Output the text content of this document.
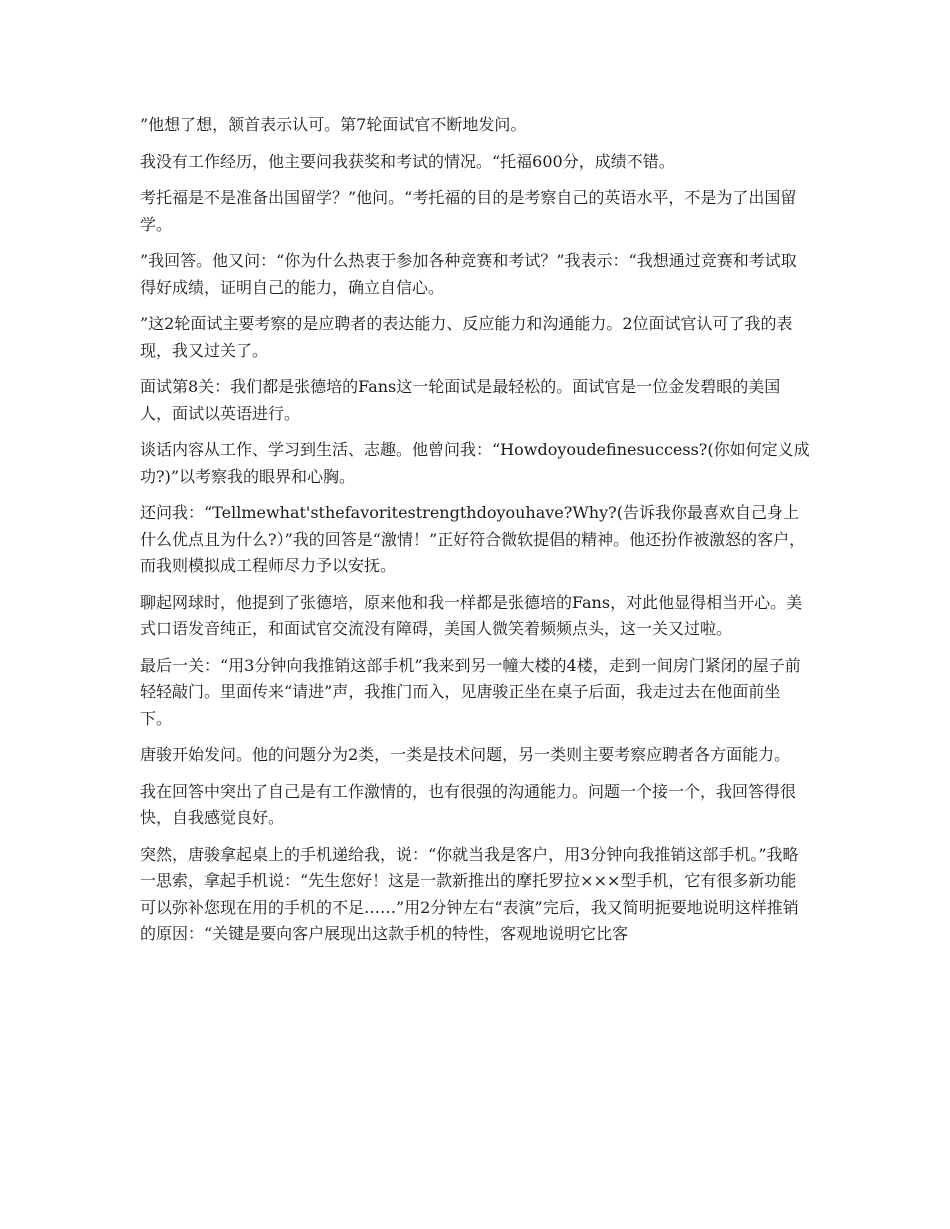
”他想了想，颔首表示认可。第7轮面试官不断地发问。

我没有工作经历，他主要问我获奖和考试的情况。“托福600分，成绩不错。

考托福是不是准备出国留学？”他问。“考托福的目的是考察自己的英语水平，不是为了出国留学。

”我回答。他又问：“你为什么热衷于参加各种竞赛和考试？”我表示：“我想通过竞赛和考试取得好成绩，证明自己的能力，确立自信心。

”这2轮面试主要考察的是应聘者的表达能力、反应能力和沟通能力。2位面试官认可了我的表现，我又过关了。

面试第8关：我们都是张德培的Fans这一轮面试是最轻松的。面试官是一位金发碧眼的美国人，面试以英语进行。

谈话内容从工作、学习到生活、志趣。他曾问我：“Howdoyoudefinesuccess?(你如何定义成功?)”以考察我的眼界和心胸。

还问我：“Tellmewhat'sthefavoritestrengthdoyouhave?Why?(告诉我你最喜欢自己身上什么优点且为什么?）”我的回答是“激情！”正好符合微软提倡的精神。他还扮作被激怒的客户，而我则模拟成工程师尽力予以安抚。

聊起网球时，他提到了张德培，原来他和我一样都是张德培的Fans，对此他显得相当开心。美式口语发音纯正，和面试官交流没有障碍，美国人微笑着频频点头，这一关又过啦。

最后一关：“用3分钟向我推销这部手机”我来到另一幢大楼的4楼，走到一间房门紧闭的屋子前轻轻敲门。里面传来“请进”声，我推门而入，见唐骏正坐在桌子后面，我走过去在他面前坐下。

唐骏开始发问。他的问题分为2类，一类是技术问题，另一类则主要考察应聘者各方面能力。

我在回答中突出了自己是有工作激情的，也有很强的沟通能力。问题一个接一个，我回答得很快，自我感觉良好。

突然，唐骏拿起桌上的手机递给我，说：“你就当我是客户，用3分钟向我推销这部手机。”我略一思索，拿起手机说：“先生您好！这是一款新推出的摩托罗拉×××型手机，它有很多新功能可以弥补您现在用的手机的不足……”用2分钟左右“表演”完后，我又简明扼要地说明这样推销的原因：“关键是要向客户展现出这款手机的特性，客观地说明它比客
